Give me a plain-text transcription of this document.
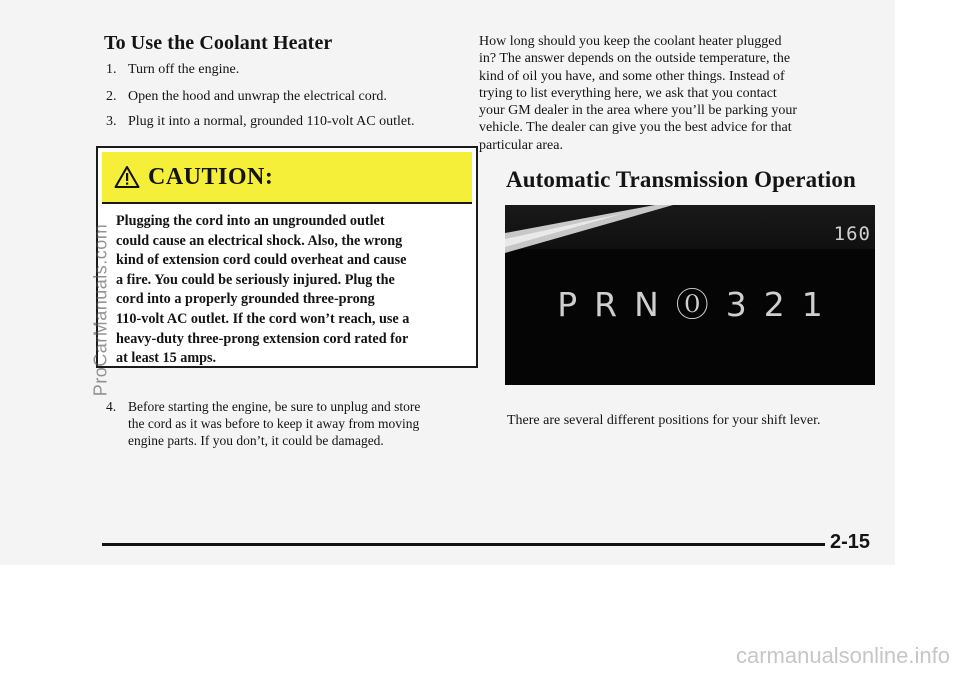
To Use the Coolant Heater
1. Turn off the engine.
2. Open the hood and unwrap the electrical cord.
3. Plug it into a normal, grounded 110-volt AC outlet.
CAUTION:
Plugging the cord into an ungrounded outlet
could cause an electrical shock. Also, the wrong
kind of extension cord could overheat and cause
a fire. You could be seriously injured. Plug the
cord into a properly grounded three-prong
110-volt AC outlet. If the cord won’t reach, use a
heavy-duty three-prong extension cord rated for
at least 15 amps.
4. Before starting the engine, be sure to unplug and store
the cord as it was before to keep it away from moving
engine parts. If you don’t, it could be damaged.
How long should you keep the coolant heater plugged
in? The answer depends on the outside temperature, the
kind of oil you have, and some other things. Instead of
trying to list everything here, we ask that you contact
your GM dealer in the area where you’ll be parking your
vehicle. The dealer can give you the best advice for that
particular area.
Automatic Transmission Operation
160
PRN⓪321
There are several different positions for your shift lever.
2-15
ProCarManuals.com
carmanualsonline.info
